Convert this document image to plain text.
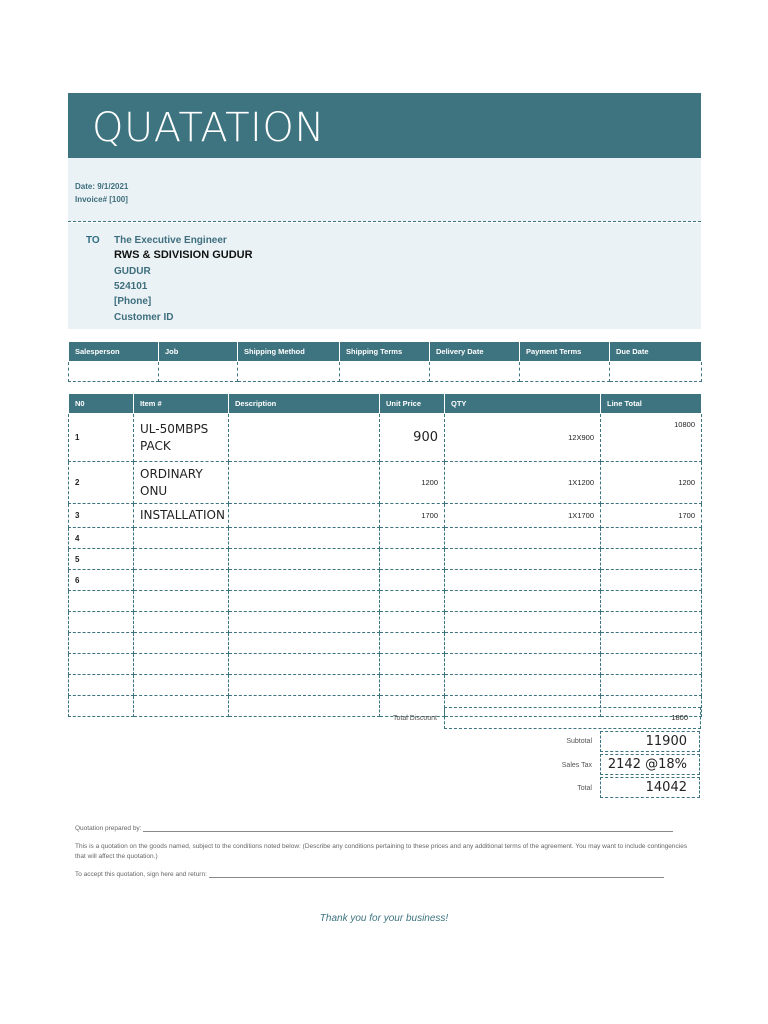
QUATATION
Date: 9/1/2021
Invoice# [100]
TO The Executive Engineer
RWS & SDIVISION GUDUR
GUDUR
524101
[Phone]
Customer ID
Salesperson	Job	Shipping Method	Shipping Terms	Delivery Date	Payment Terms	Due Date

N0	Item #	Description	Unit Price	QTY	Line Total
1	UL-50MBPS PACK		900	12X900	10800
2	ORDINARY ONU		1200	1X1200	1200
3	INSTALLATION		1700	1X1700	1700
4					
5					
6					

Total Discount	1800
Subtotal	11900
Sales Tax	2142 @18%
Total	14042
Quotation prepared by:
This is a quotation on the goods named, subject to the conditions noted below: (Describe any conditions pertaining to these prices and any additional terms of the agreement. You may want to include contingencies that will affect the quotation.)
To accept this quotation, sign here and return:
Thank you for your business!
